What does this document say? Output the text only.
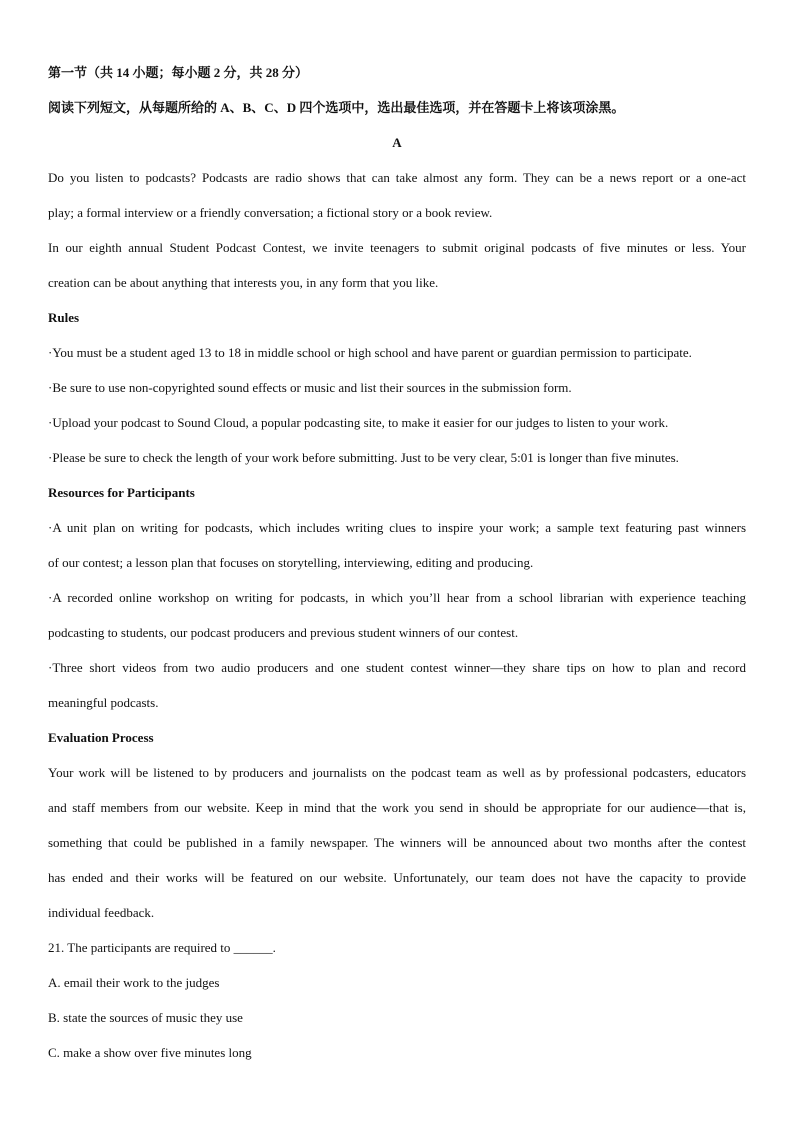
第一节（共 14 小题；每小题 2 分，共 28 分）
阅读下列短文，从每题所给的 A、B、C、D 四个选项中，选出最佳选项，并在答题卡上将该项涂黑。
A
Do you listen to podcasts? Podcasts are radio shows that can take almost any form. They can be a news report or a one-act
play; a formal interview or a friendly conversation; a fictional story or a book review.
In our eighth annual Student Podcast Contest, we invite teenagers to submit original podcasts of five minutes or less. Your
creation can be about anything that interests you, in any form that you like.
Rules
·You must be a student aged 13 to 18 in middle school or high school and have parent or guardian permission to participate.
·Be sure to use non-copyrighted sound effects or music and list their sources in the submission form.
·Upload your podcast to Sound Cloud, a popular podcasting site, to make it easier for our judges to listen to your work.
·Please be sure to check the length of your work before submitting. Just to be very clear, 5:01 is longer than five minutes.
Resources for Participants
·A unit plan on writing for podcasts, which includes writing clues to inspire your work; a sample text featuring past winners
of our contest; a lesson plan that focuses on storytelling, interviewing, editing and producing.
·A recorded online workshop on writing for podcasts, in which you’ll hear from a school librarian with experience teaching
podcasting to students, our podcast producers and previous student winners of our contest.
·Three short videos from two audio producers and one student contest winner—they share tips on how to plan and record
meaningful podcasts.
Evaluation Process
Your work will be listened to by producers and journalists on the podcast team as well as by professional podcasters, educators
and staff members from our website. Keep in mind that the work you send in should be appropriate for our audience—that is,
something that could be published in a family newspaper. The winners will be announced about two months after the contest
has ended and their works will be featured on our website. Unfortunately, our team does not have the capacity to provide
individual feedback.
21. The participants are required to ______.
A. email their work to the judges
B. state the sources of music they use
C. make a show over five minutes long
